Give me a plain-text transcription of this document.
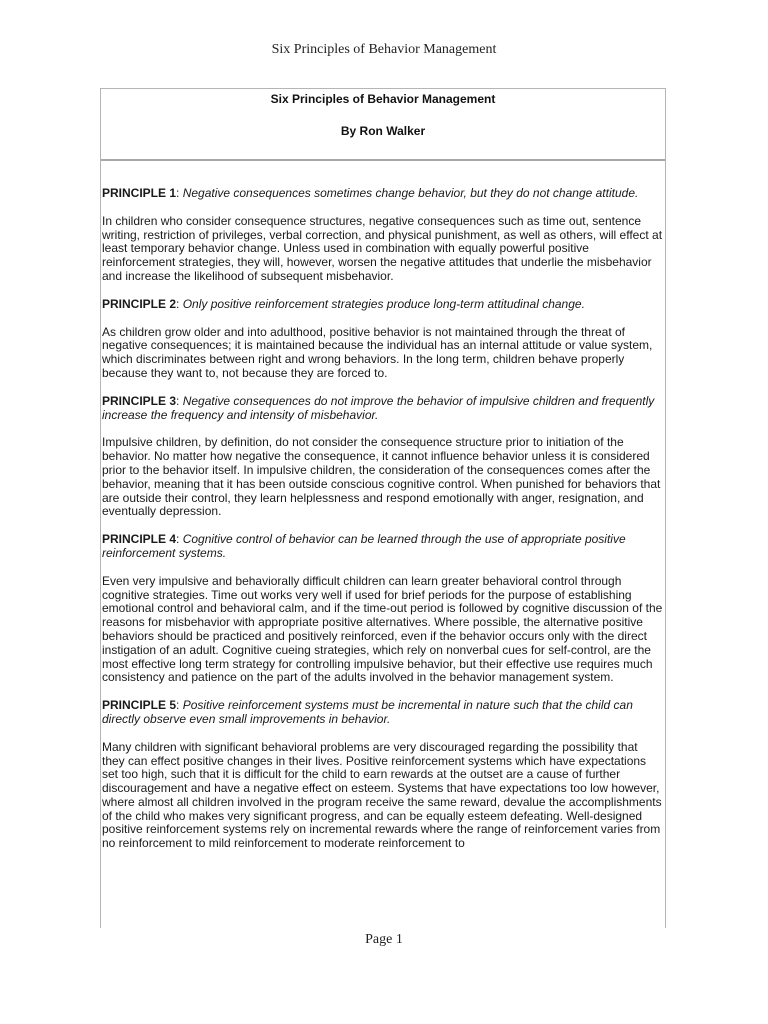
Six Principles of Behavior Management

Six Principles of Behavior Management

By Ron Walker

PRINCIPLE 1: Negative consequences sometimes change behavior, but they do not change attitude.

In children who consider consequence structures, negative consequences such as time out, sentence writing, restriction of privileges, verbal correction, and physical punishment, as well as others, will effect at least temporary behavior change. Unless used in combination with equally powerful positive reinforcement strategies, they will, however, worsen the negative attitudes that underlie the misbehavior and increase the likelihood of subsequent misbehavior.

PRINCIPLE 2: Only positive reinforcement strategies produce long-term attitudinal change.

As children grow older and into adulthood, positive behavior is not maintained through the threat of negative consequences; it is maintained because the individual has an internal attitude or value system, which discriminates between right and wrong behaviors. In the long term, children behave properly because they want to, not because they are forced to.

PRINCIPLE 3: Negative consequences do not improve the behavior of impulsive children and frequently increase the frequency and intensity of misbehavior.

Impulsive children, by definition, do not consider the consequence structure prior to initiation of the behavior. No matter how negative the consequence, it cannot influence behavior unless it is considered prior to the behavior itself. In impulsive children, the consideration of the consequences comes after the behavior, meaning that it has been outside conscious cognitive control. When punished for behaviors that are outside their control, they learn helplessness and respond emotionally with anger, resignation, and eventually depression.

PRINCIPLE 4: Cognitive control of behavior can be learned through the use of appropriate positive reinforcement systems.

Even very impulsive and behaviorally difficult children can learn greater behavioral control through cognitive strategies. Time out works very well if used for brief periods for the purpose of establishing emotional control and behavioral calm, and if the time-out period is followed by cognitive discussion of the reasons for misbehavior with appropriate positive alternatives. Where possible, the alternative positive behaviors should be practiced and positively reinforced, even if the behavior occurs only with the direct instigation of an adult. Cognitive cueing strategies, which rely on nonverbal cues for self-control, are the most effective long term strategy for controlling impulsive behavior, but their effective use requires much consistency and patience on the part of the adults involved in the behavior management system.

PRINCIPLE 5: Positive reinforcement systems must be incremental in nature such that the child can directly observe even small improvements in behavior.

Many children with significant behavioral problems are very discouraged regarding the possibility that they can effect positive changes in their lives. Positive reinforcement systems which have expectations set too high, such that it is difficult for the child to earn rewards at the outset are a cause of further discouragement and have a negative effect on esteem. Systems that have expectations too low however, where almost all children involved in the program receive the same reward, devalue the accomplishments of the child who makes very significant progress, and can be equally esteem defeating. Well-designed positive reinforcement systems rely on incremental rewards where the range of reinforcement varies from no reinforcement to mild reinforcement to moderate reinforcement to

Page 1
